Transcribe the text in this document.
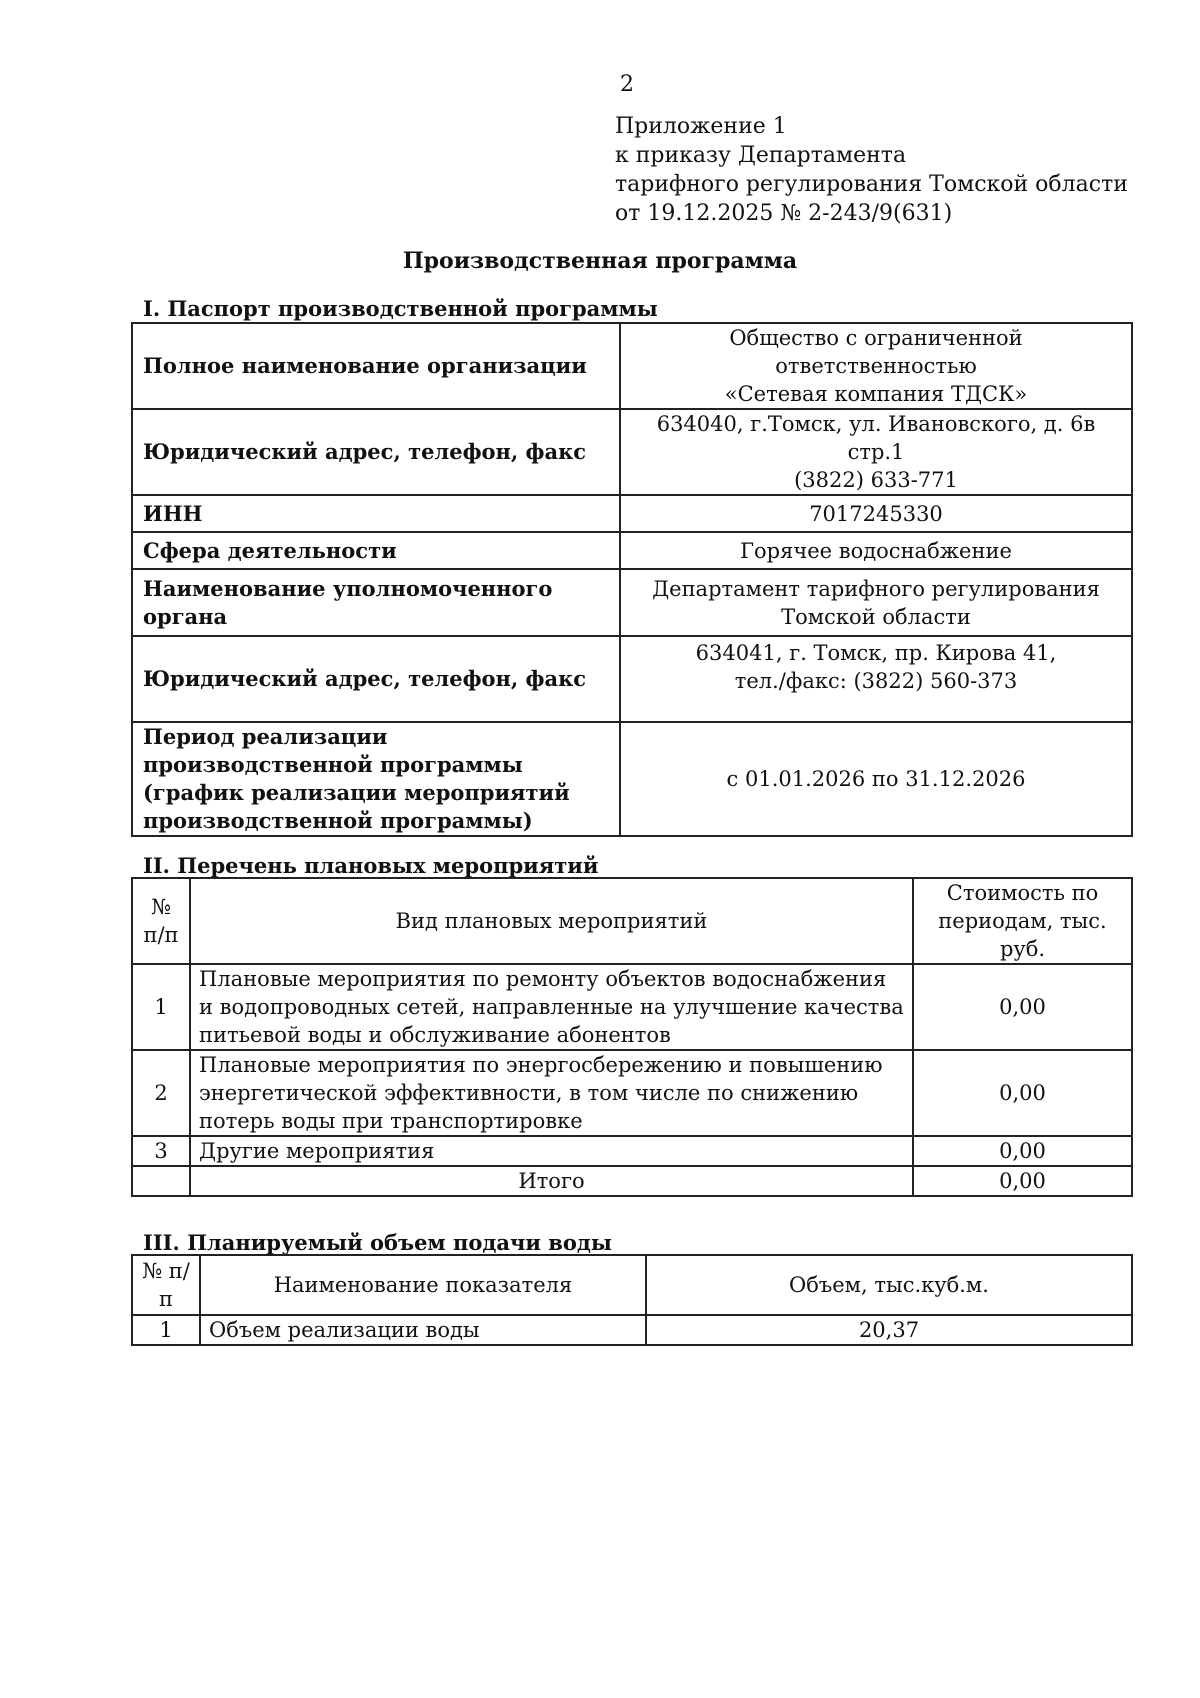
2
Приложение 1
к приказу Департамента
тарифного регулирования Томской области
от 19.12.2025 № 2-243/9(631)
Производственная программа
I. Паспорт производственной программы
Полное наименование организации	Общество с ограниченной ответственностью
«Сетевая компания ТДСК»

Юридический адрес, телефон, факс	634040, г.Томск, ул. Ивановского, д. 6в стр.1
(3822) 633-771

ИНН	7017245330
Сфера деятельности	Горячее водоснабжение
Наименование уполномоченного органа	Департамент тарифного регулирования
Томской области

Юридический адрес, телефон, факс	634041, г. Томск, пр. Кирова 41,
тел./факс: (3822) 560-373

Период реализации производственной программы (график реализации мероприятий производственной программы)	с 01.01.2026 по 31.12.2026
II. Перечень плановых мероприятий
№ п/п	Вид плановых мероприятий	Стоимость по периодам, тыс. руб.
1	Плановые мероприятия по ремонту объектов водоснабжения и водопроводных сетей, направленные на улучшение качества питьевой воды и обслуживание абонентов	0,00
2	Плановые мероприятия по энергосбережению и повышению энергетической эффективности, в том числе по снижению потерь воды при транспортировке	0,00
3	Другие мероприятия	0,00
	Итого	0,00
III. Планируемый объем подачи воды
№ п/п	Наименование показателя	Объем, тыс.куб.м.
1	Объем реализации воды	20,37
